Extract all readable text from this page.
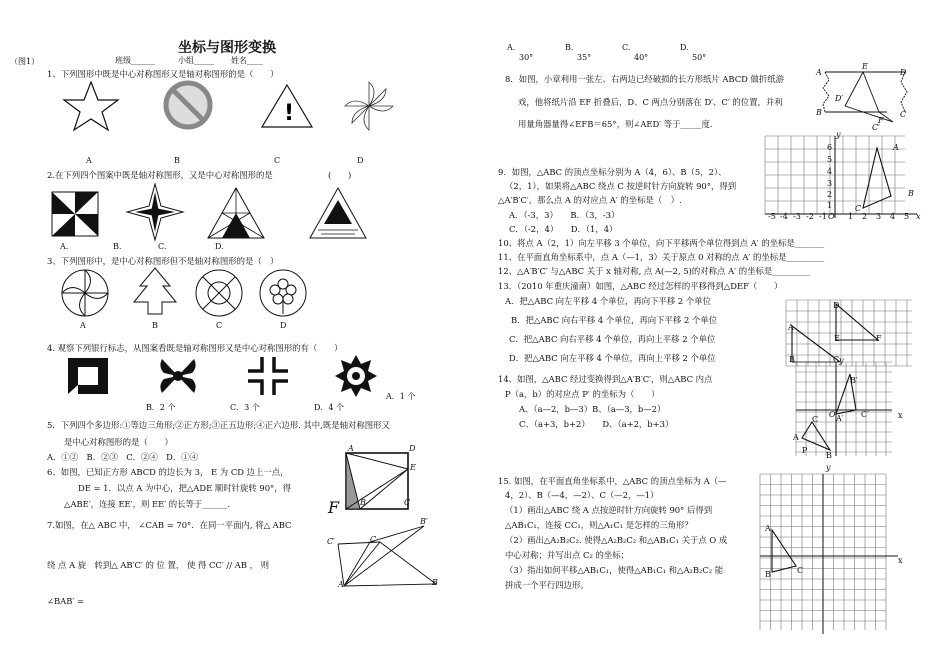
坐标与图形变换
（图1）	班级______	小组_____ 姓名____
1、下列图形中既是中心对称图形又是轴对称图形的是（　　）
!
A	B	C	D
2.在下列四个图案中既是轴对称图形，又是中心对称图形的是	(　　)
A.	B.	C.	D.
3、下列图形中，是中心对称图形但不是轴对称图形的是（　）
A	B	C	D
4. 观察下列银行标志，从图案看既是轴对称图形又是中心对称图形的有（　　）
A．1 个
B．2 个	C．3 个	D．4 个
5．下列四个多边形:①等边三角形;②正方形;③正五边形;④正六边形. 其中,既是轴对称图形又
是中心对称图形的是（　　）
A．①②　B．②③　C．②④　D．①④
6、如图，已知正方形 ABCD 的边长为 3， E 为 CD 边上一点，
DE = 1．以点 A 为中心，把△ADE 顺时针旋转 90°，得
△ABE′，连接 EE′，则 EE′ 的长等于______．
A	D
E
F	B	C
7.如图，在△ ABC 中， ∠CAB = 70°．在同一平面内, 将△ ABC
绕 点 A 旋　转到△ AB′C′ 的 位 置， 使 得 CC′ // AB ， 则
∠BAB′ =
B′
C′	C
A	B
A.
30°
B.
35°
C.
40°
D.
50°
8．如图，小章利用一张左、右两边已经破损的长方形纸片 ABCD 做折纸游
戏，他将纸片沿 EF 折叠后，D、C 两点分别落在 D′、C′ 的位置，并利
用量角器量得∠EFB＝65°，则∠AED′ 等于_____度.
A
E
D
D′
B
F
C
C′
9．如图，△ABC 的顶点坐标分别为 A（4，6）、B（5，2）、
（2，1），如果将△ABC 绕点 C 按逆时针方向旋转 90°，得到
△A′B′C′，那么点 A 的对应点 A′ 的坐标是（　）.
A．（-3，3）　　B．（3，-3）
C．（-2，4）　　D．（1，4）
x
y
-5 -4 -3 -2 -1 O 1 2 3 4 5
6
5
4
3
2
1
A
B
C
10、将点 A（2，1）向左平移 3 个单位，向下平移两个单位得到点 A′ 的坐标是_______
11、在平面直角坐标系中，点 A（—1，3）关于原点 0 对称的点 A′ 的坐标是_________
12、△A′B′C′ 与△ABC 关于 x 轴对称, 点 A(—2, 5)的对称点 A′ 的坐标是_________
13．（2010 年重庆潼南）如图，△ABC 经过怎样的平移得到△DEF（　　）
A．把△ABC 向左平移 4 个单位，再向下平移 2 个单位
B．把△ABC 向右平移 4 个单位，再向下平移 2 个单位
C．把△ABC 向右平移 4 个单位，再向上平移 2 个单位
D．把△ABC 向左平移 4 个单位，再向上平移 2 个单位
D
A
E	F
B	C
14、如图，△ABC 经过变换得到△A′B′C′，则△ABC 内点
P（a，b）的对应点 P′ 的坐标为（　　）
A、（a—2，b—3）B、（a—3，b—2）
C、（a+3，b+2）　　D、（a+2，b+3）
y
B′
A′ C′
O	x
A
P
C
B
15. 如图，在平面直角坐标系中，△ABC 的顶点坐标为 A（—
4，2）、B（—4，—2）、C（—2，—1）
（1）画出△ABC 绕 A 点按逆时针方向旋转 90° 后得到
△AB₁C₁，连接 CC₁，则△A₁C₁ 是怎样的三角形？
（2）画出△A₂B₂C₂. 使得△A₂B₂C₂ 和△AB₁C₁ 关于点 O 成
中心对称；并写出点 C₂ 的坐标；
（3）指出如何平移△AB₁C₁，使得△AB₁C₁ 和△A₂B₂C₂ 能
拼成一个平行四边形。
y
A
B	C
x
